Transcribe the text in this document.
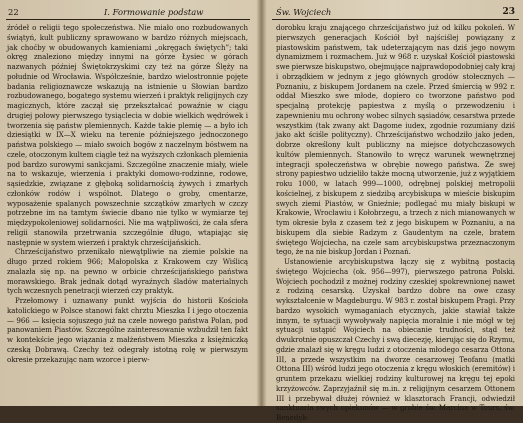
22	I. Formowanie podstaw

źródeł o religii tego społeczeństwa. Nie miało ono rozbudowanych świątyń, kult publiczny sprawowano w bardzo różnych miejscach, jak choćby w obudowanych kamieniami „okręgach świętych”; taki okręg znaleziono między innymi na górze Łysiec w górach nazwanych później Świętokrzyskimi czy też na górze Ślęży na południe od Wrocławia. Współcześnie, bardzo wielostronnie pojęte badania religioznawcze wskazują na istnienie u Słowian bardzo rozbudowanego, bogatego systemu wierzeń i praktyk religijnych czy magicznych, które zaczął się przekształcać powaźnie w ciągu drugiej połowy pierwszego tysiąclecia w dobie wielkich wędrówek i tworzenia się państw plemiennych. Każde takie plemię — a było ich dziesiątki w IX—X wieku na terenie późniejszego jednoczonego państwa polskiego — miało swoich bogów z naczelnym bóstwem na czele, otoczonym kultem ciągle też na wyższych członkach plemienia pod bardzo surowymi sankcjami. Szczególne znaczenie miały, wiele na to wskazuje, wierzenia i praktyki domowo-rodzinne, rodowe, sąsiedzkie, związane z głęboką solidarnością żywych i zmarłych członków rodów i wspólnot. Dlatego o groby, cmentarze, wyposażenie spalanych powszechnie szczątków zmarłych w czczy potrzebne im na tamtym świecie dbano nie tylko w wymiarze tej międzypokoleniowej solidarności. Nie ma wątpliwości, że cała sfera religii stanowiła przetrwania szczególnie długo, wtapiając się następnie w system wierzeń i praktyk chrześcijańskich.

Chrześcijaństwo przenikało niewątpliwie na ziemie polskie na długo przed rokiem 966; Małopolska z Krakowem czy Wiślicą znalazła się np. na pewno w orbicie chrześcijańskiego państwa morawskiego. Brak jednak dotąd wyraźnych śladów materialnych tych wczesnych penetracji wierzeń czy praktyk.

Przełomowy i uznawany punkt wyjścia do historii Kościoła katolickiego w Polsce stanowi fakt chrztu Mieszka I i jego otoczenia — 966 — księcia sojuszego już na czele nowego państwa Polan, pod panowaniem Piastów. Szczególne zainteresowanie wzbudził ten fakt w kontekście jego wiązania z małżeństwem Mieszka z księżniczką czeską Dobrawą. Czechy też odegrały istotną rolę w pierwszym okresie przekazując nam wzorce i pierw-

Św. Wojciech	23

dorobku kraju znającego chrześcijaństwo już od kilku pokoleń. W pierwszych generacjach Kościół był najściślej powiązany z piastowskim państwem, tak udeterzającym nas dziś jego nowym dynamizmem i rozmachem. Już w 968 r. uzyskał Kościół piastowski swe pierwsze biskupstwo, obejmujące najprawdopodobniej cały kraj i obrządkiem w jednym z jego głównych grodów stołecznych — Poznaniu, z biskupem Jordanem na czele. Przed śmiercią w 992 r. oddał Mieszko swe młode, dopiero co tworzone państwo pod specjalną protekcję papiestwa z myślą o przewodzeniu i zapewnieniu mu ochrony wobec silnych sąsiadów, cesarstwa przede wszystkim (tak zwany akt Dagome iudex, zgodnie rozumiany dziś jako akt ściśle polityczny). Chrześcijaństwo wchodziło jako jeden, dobrze określony kult publiczny na miejsce dotychczasowych kultów plemiennych. Stanowiło to wręcz warunek wewnętrznej integracji społeczeństwa w obrębie nowego państwa. Ze swej strony papiestwo udzieliło także mocną utworzenie, już z wyjątkiem roku 1000, w latach 999—1000, odrębnej polskiej metropolii kościelnej, z biskupem z siedzibą arcybiskupa w mieście biskupim swych ziemi Piastów, w Gnieźnie; podlegać mu miały biskupi w Krakowie, Wrocławiu i Kołobrzegu, a trzech z nich mianowanych w tym okresie była z czasem też z jego biskupem w Poznaniu, a na biskupem dla siebie Radzym z Gaudentym na czele, bratem świętego Wojciecha, na czele sam arcybiskupstwa przeznaczonym tego, że na nie biskup Jordan i Poznań.

Ustanowienie arcybiskupstwa łączy się z wybitną postacią świętego Wojciecha (ok. 956—997), pierwszego patrona Polski. Wojciech pochodził z możnej rodziny czeskiej spokrewnionej nawet z rodziną cesarską. Uzyskał bardzo dobre na owe czasy wykształcenie w Magdeburgu. W 983 r. został biskupem Pragi. Przy bardzo wysokich wymaganiach etycznych, jakie stawiał także innym, te sytuacji wywoływały napięcia moralnie i nie mógł w tej sytuacji ustąpić Wojciech na obiecanie trudności, stąd też dwukrotnie opuszczał Czechy i swą diecezję, kierując się do Rzymu, gdzie znalazł się w kręgu ludzi z otoczenia młodego cesarza Ottona III, a przede wszystkim na dworze cesarzowej Teofanu (matki Ottona III) wśród ludzi jego otoczenia z kręgu włoskich (eremitów) i gruntem przekazu wielkiej rodziny kulturowej na kręgu tej epoki krzyżowców. Zaprzyjaźnił się m.in. z religijnym cesarzem Ottonem III i przebywał dłużej również w klasztorach Francji, odwiedził sanktuaria swych opiekunów — w grobie św. Marcina w Tours, św. Benedyk-
